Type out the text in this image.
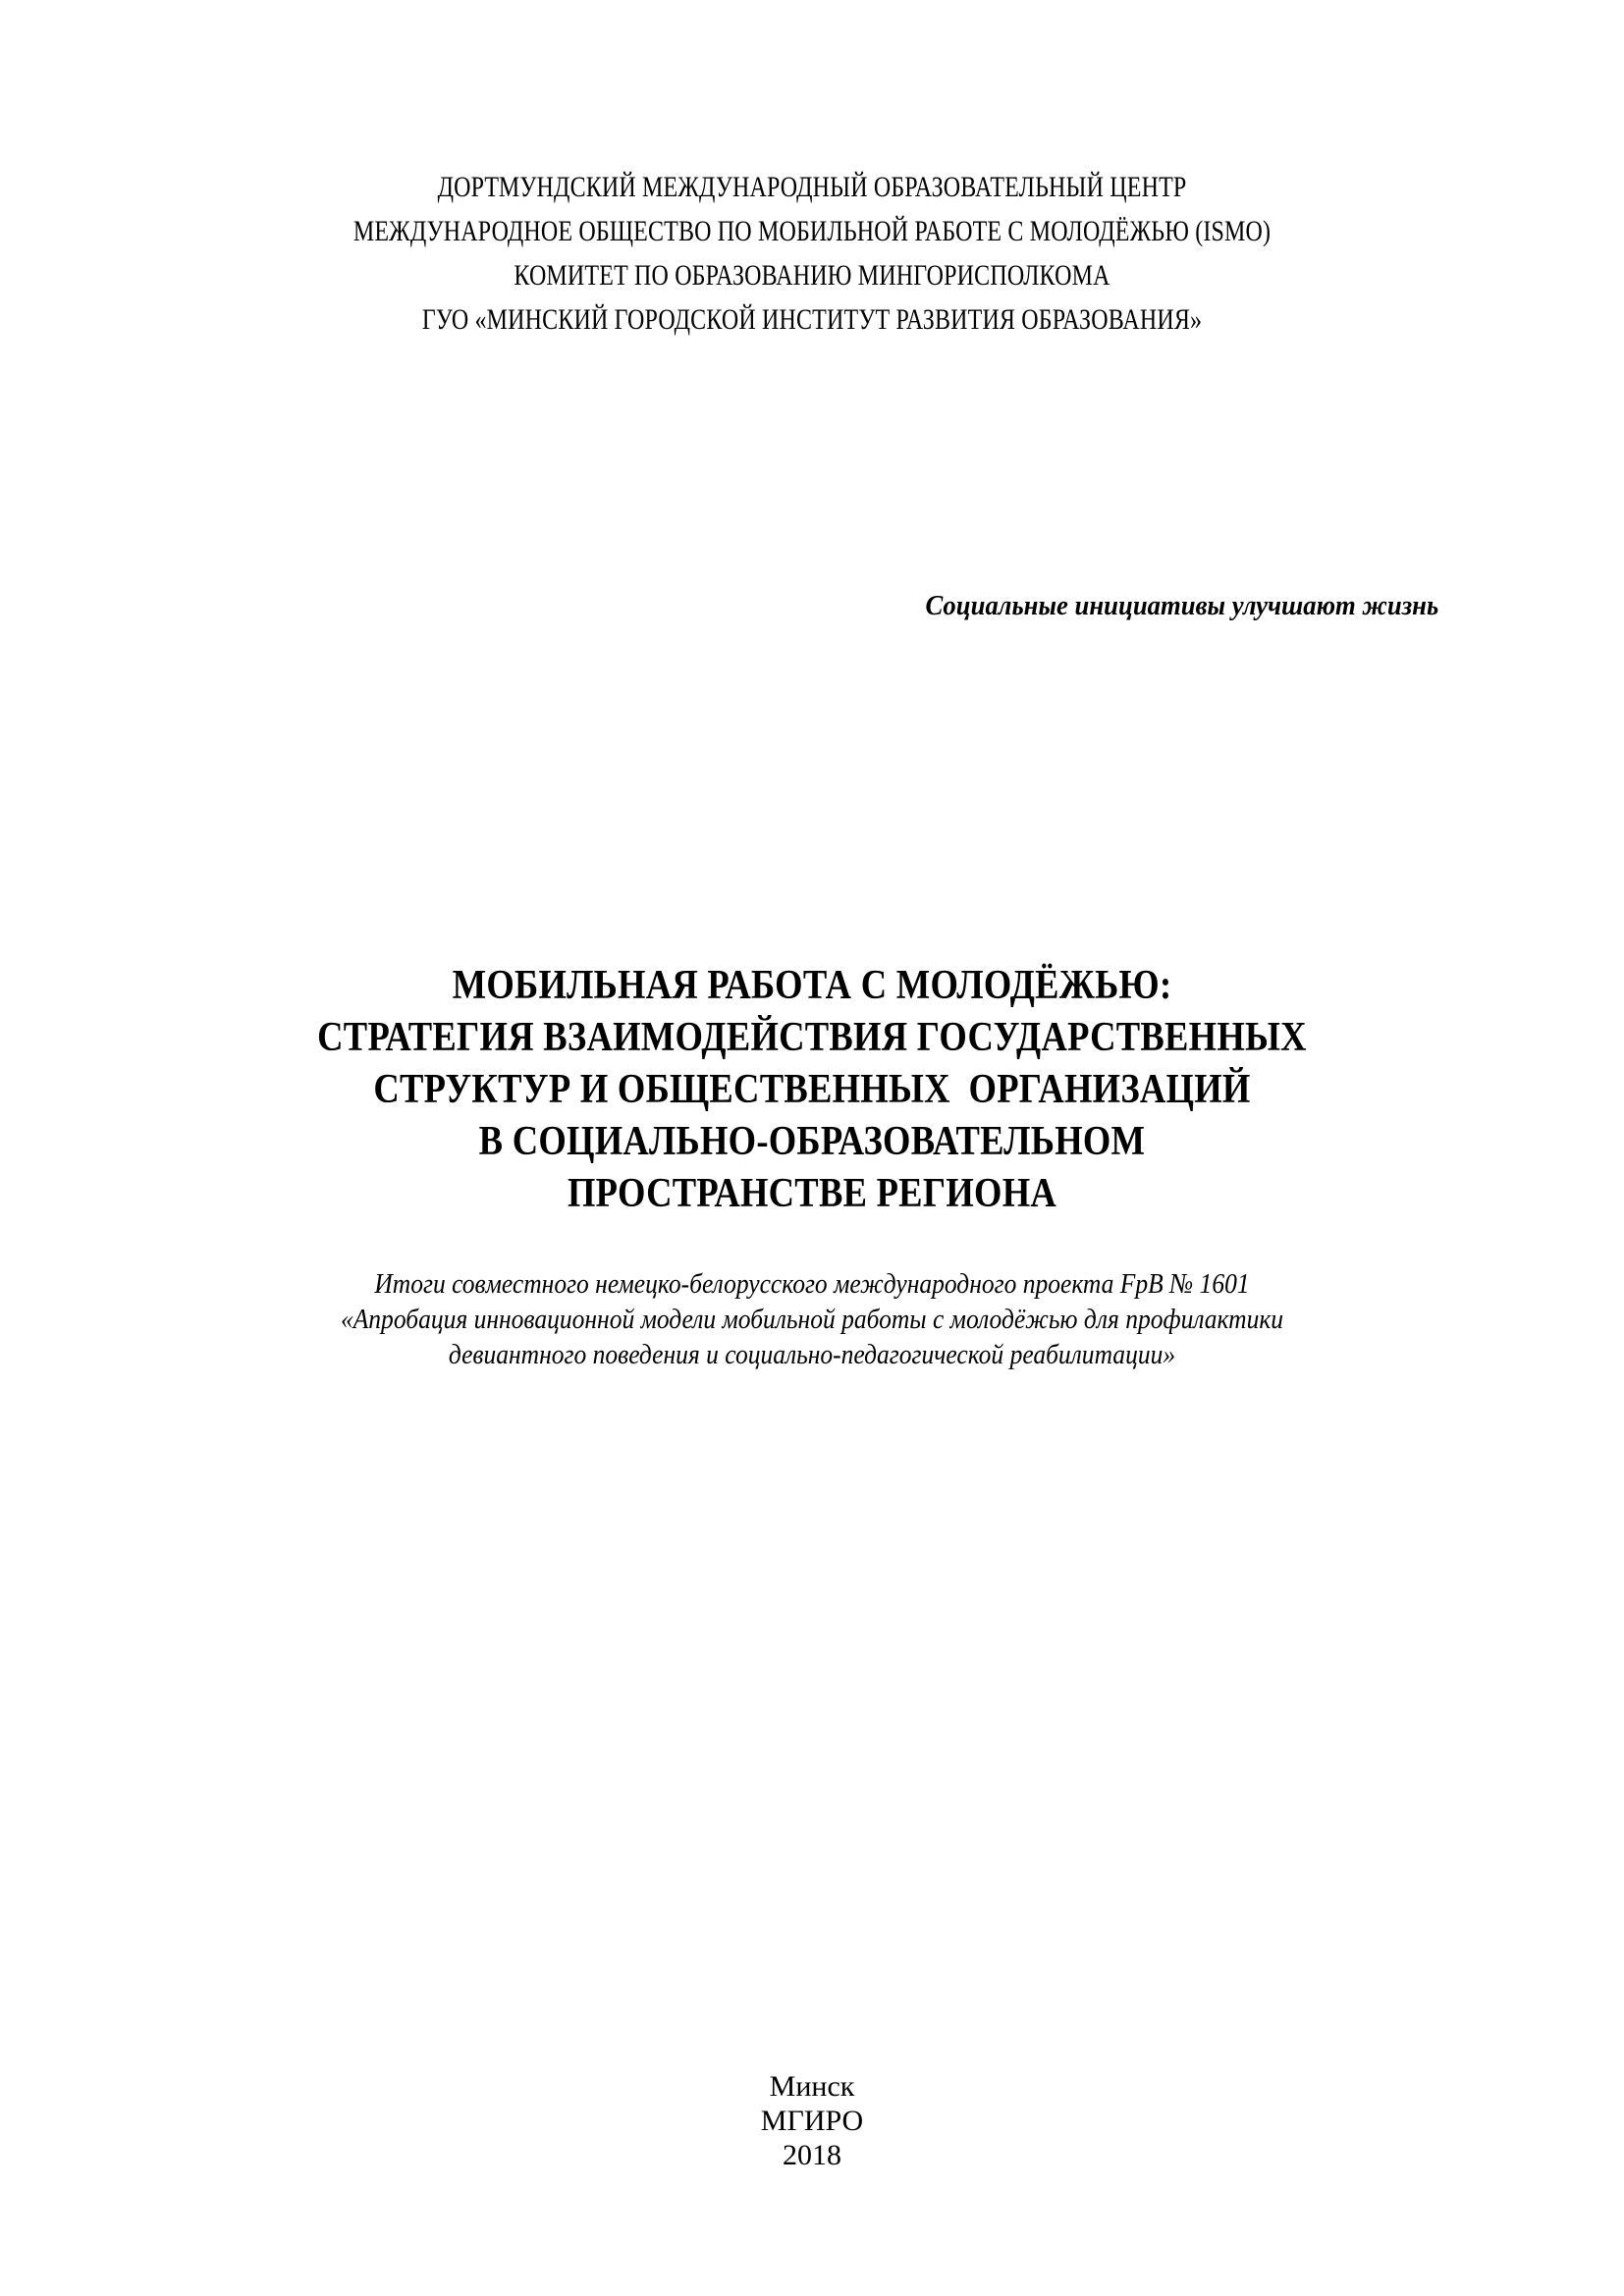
ДОРТМУНДСКИЙ МЕЖДУНАРОДНЫЙ ОБРАЗОВАТЕЛЬНЫЙ ЦЕНТР
МЕЖДУНАРОДНОЕ ОБЩЕСТВО ПО МОБИЛЬНОЙ РАБОТЕ С МОЛОДЁЖЬЮ (ISMO)
КОМИТЕТ ПО ОБРАЗОВАНИЮ МИНГОРИСПОЛКОМА
ГУО «МИНСКИЙ ГОРОДСКОЙ ИНСТИТУТ РАЗВИТИЯ ОБРАЗОВАНИЯ»
Социальные инициативы улучшают жизнь
МОБИЛЬНАЯ РАБОТА С МОЛОДЁЖЬЮ:
СТРАТЕГИЯ ВЗАИМОДЕЙСТВИЯ ГОСУДАРСТВЕННЫХ
СТРУКТУР И ОБЩЕСТВЕННЫХ  ОРГАНИЗАЦИЙ
В СОЦИАЛЬНО-ОБРАЗОВАТЕЛЬНОМ
ПРОСТРАНСТВЕ РЕГИОНА
Итоги совместного немецко-белорусского международного проекта FpB № 1601
«Апробация инновационной модели мобильной работы с молодёжью для профилактики
девиантного поведения и социально-педагогической реабилитации»
Минск
МГИРО
2018
